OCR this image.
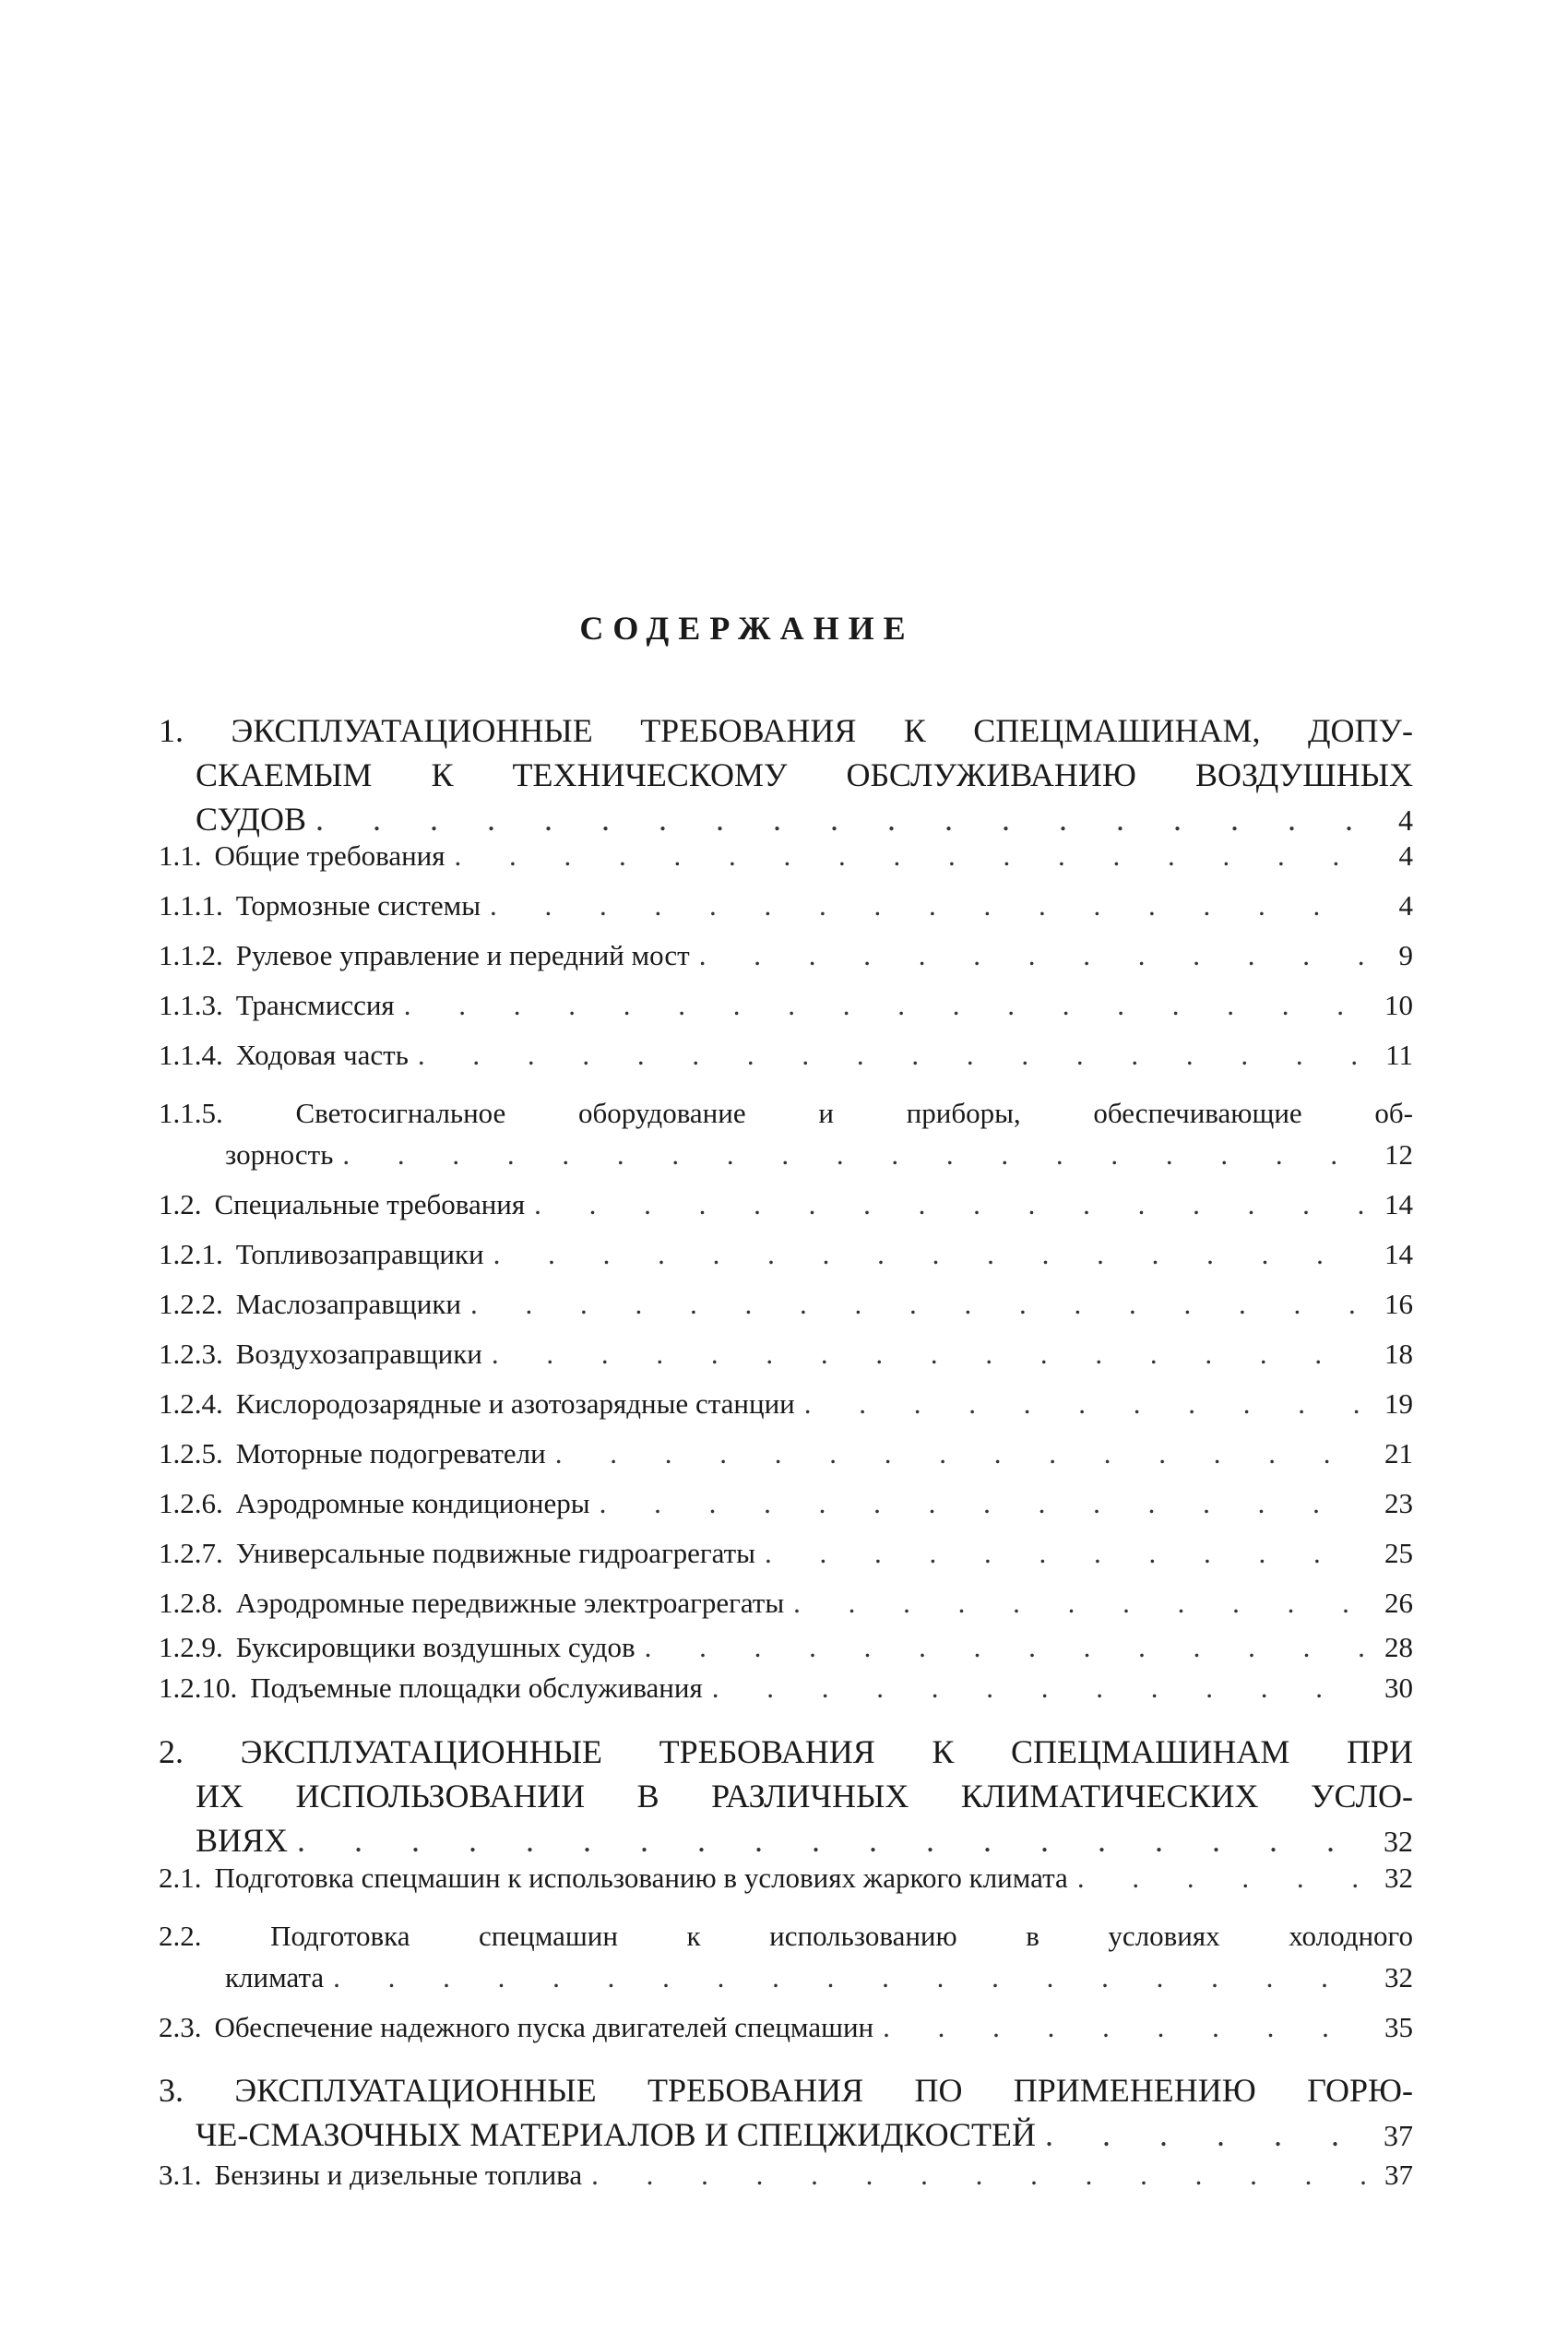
СОДЕРЖАНИЕ
1. ЭКСПЛУАТАЦИОННЫЕ ТРЕБОВАНИЯ К СПЕЦМАШИНАМ, ДОПУ-
СКАЕМЫМ К ТЕХНИЧЕСКОМУ ОБСЛУЖИВАНИЮ ВОЗДУШНЫХ
СУДОВ . . .	4
1.1. Общие требования . . .	4
1.1.1. Тормозные системы . . .	4
1.1.2. Рулевое управление и передний мост . . .	9
1.1.3. Трансмиссия . . .	10
1.1.4. Ходовая часть . . .	11
1.1.5.	Светосигнальное оборудование и приборы, обеспечивающие об-
зорность . . .	12
1.2. Специальные требования . . .	14
1.2.1. Топливозаправщики . . .	14
1.2.2. Маслозаправщики . . .	16
1.2.3. Воздухозаправщики . . .	18
1.2.4. Кислородозарядные и азотозарядные станции . . .	19
1.2.5. Моторные подогреватели . . .	21
1.2.6. Аэродромные кондиционеры . . .	23
1.2.7. Универсальные подвижные гидроагрегаты . . .	25
1.2.8. Аэродромные передвижные электроагрегаты . . .	26
1.2.9. Буксировщики воздушных судов . . .	28
1.2.10. Подъемные площадки обслуживания . . .	30
2. ЭКСПЛУАТАЦИОННЫЕ ТРЕБОВАНИЯ К СПЕЦМАШИНАМ ПРИ
ИХ ИСПОЛЬЗОВАНИИ В РАЗЛИЧНЫХ КЛИМАТИЧЕСКИХ УСЛО-
ВИЯХ . . .	32
2.1. Подготовка спецмашин к использованию в условиях жаркого климата . . .	32
2.2. Подготовка спецмашин к использованию в условиях холодного
климата . . .	32
2.3. Обеспечение надежного пуска двигателей спецмашин . . .	35
3. ЭКСПЛУАТАЦИОННЫЕ ТРЕБОВАНИЯ ПО ПРИМЕНЕНИЮ ГОРЮ-
ЧЕ-СМАЗОЧНЫХ МАТЕРИАЛОВ И СПЕЦЖИДКОСТЕЙ . . .	37
3.1. Бензины и дизельные топлива . . .	37
